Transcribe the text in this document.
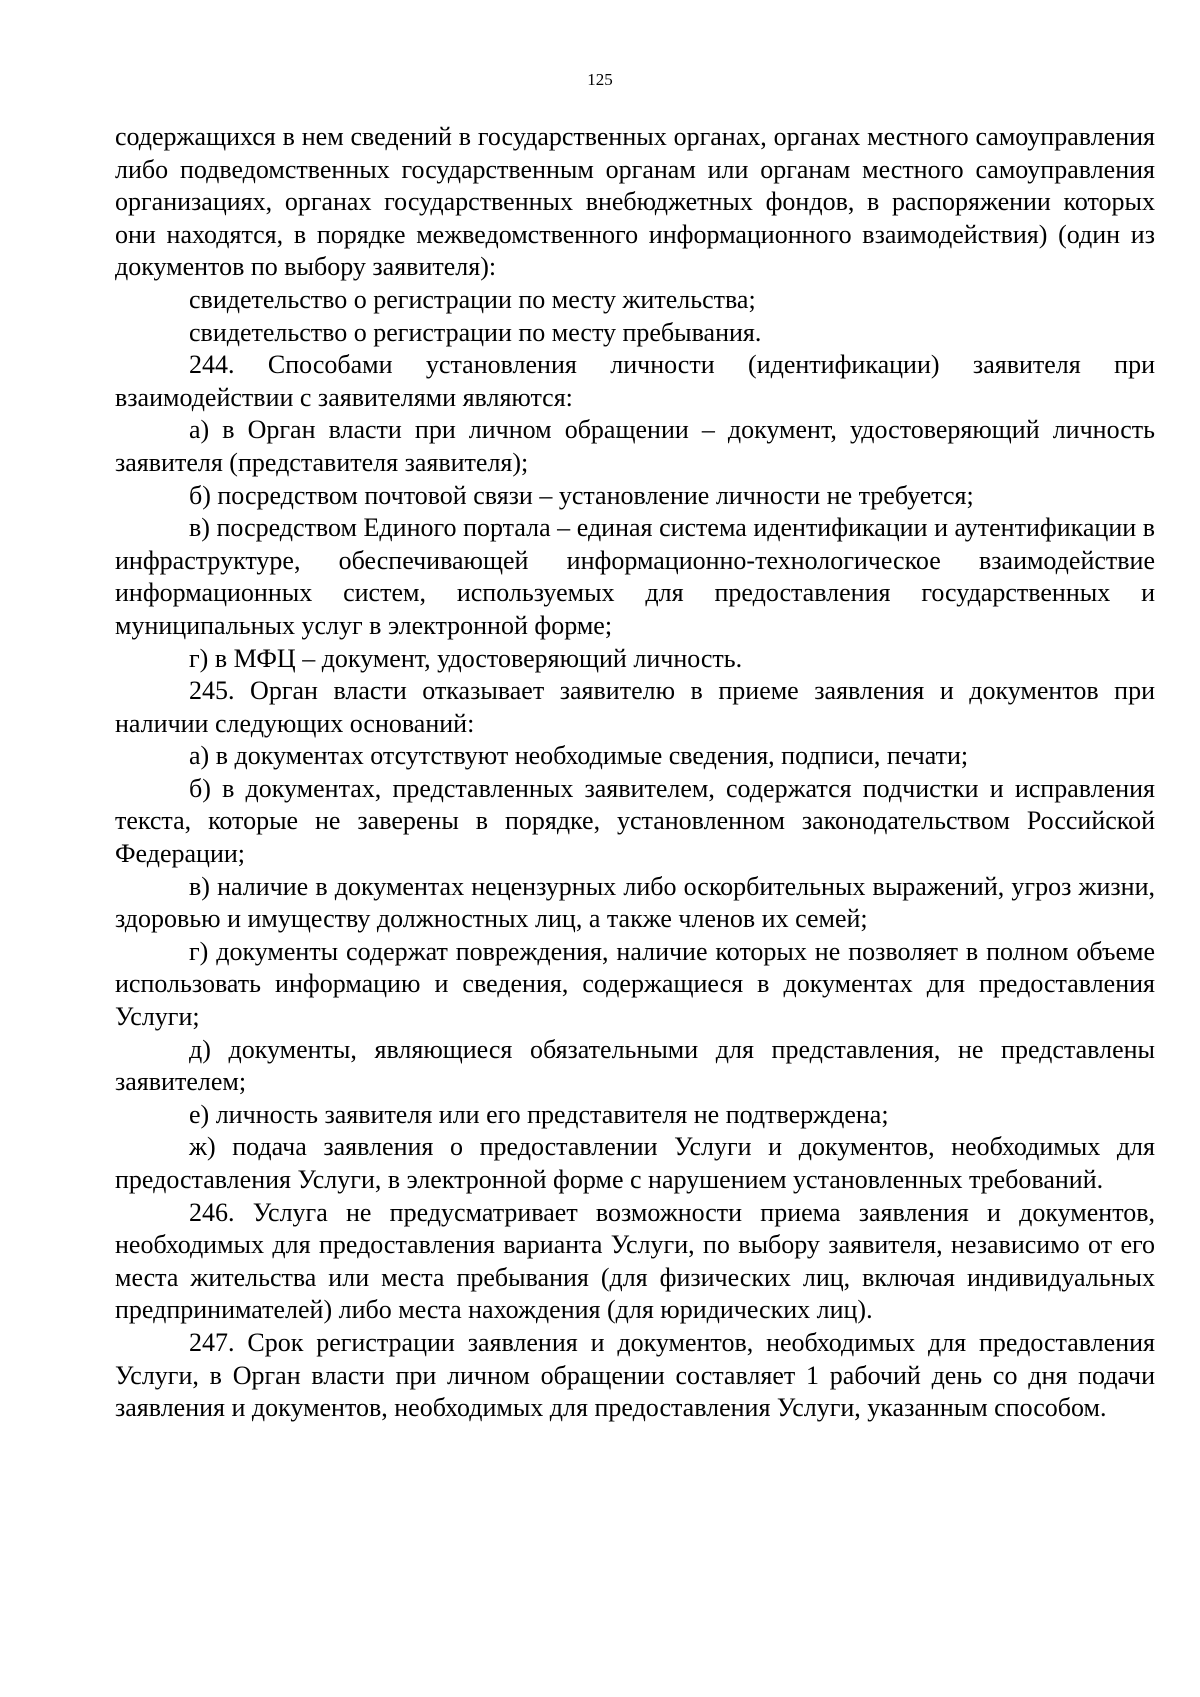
125

содержащихся в нем сведений в государственных органах, органах местного самоуправления либо подведомственных государственным органам или органам местного самоуправления организациях, органах государственных внебюджетных фондов, в распоряжении которых они находятся, в порядке межведомственного информационного взаимодействия) (один из документов по выбору заявителя):

свидетельство о регистрации по месту жительства;

свидетельство о регистрации по месту пребывания.

244. Способами установления личности (идентификации) заявителя при взаимодействии с заявителями являются:

а) в Орган власти при личном обращении – документ, удостоверяющий личность заявителя (представителя заявителя);

б) посредством почтовой связи – установление личности не требуется;

в) посредством Единого портала – единая система идентификации и аутентификации в инфраструктуре, обеспечивающей информационно-технологическое взаимодействие информационных систем, используемых для предоставления государственных и муниципальных услуг в электронной форме;

г) в МФЦ – документ, удостоверяющий личность.

245. Орган власти отказывает заявителю в приеме заявления и документов при наличии следующих оснований:

а) в документах отсутствуют необходимые сведения, подписи, печати;

б) в документах, представленных заявителем, содержатся подчистки и исправления текста, которые не заверены в порядке, установленном законодательством Российской Федерации;

в) наличие в документах нецензурных либо оскорбительных выражений, угроз жизни, здоровью и имуществу должностных лиц, а также членов их семей;

г) документы содержат повреждения, наличие которых не позволяет в полном объеме использовать информацию и сведения, содержащиеся в документах для предоставления Услуги;

д) документы, являющиеся обязательными для представления, не представлены заявителем;

е) личность заявителя или его представителя не подтверждена;

ж) подача заявления о предоставлении Услуги и документов, необходимых для предоставления Услуги, в электронной форме с нарушением установленных требований.

246. Услуга не предусматривает возможности приема заявления и документов, необходимых для предоставления варианта Услуги, по выбору заявителя, независимо от его места жительства или места пребывания (для физических лиц, включая индивидуальных предпринимателей) либо места нахождения (для юридических лиц).

247. Срок регистрации заявления и документов, необходимых для предоставления Услуги, в Орган власти при личном обращении составляет 1 рабочий день со дня подачи заявления и документов, необходимых для предоставления Услуги, указанным способом.
